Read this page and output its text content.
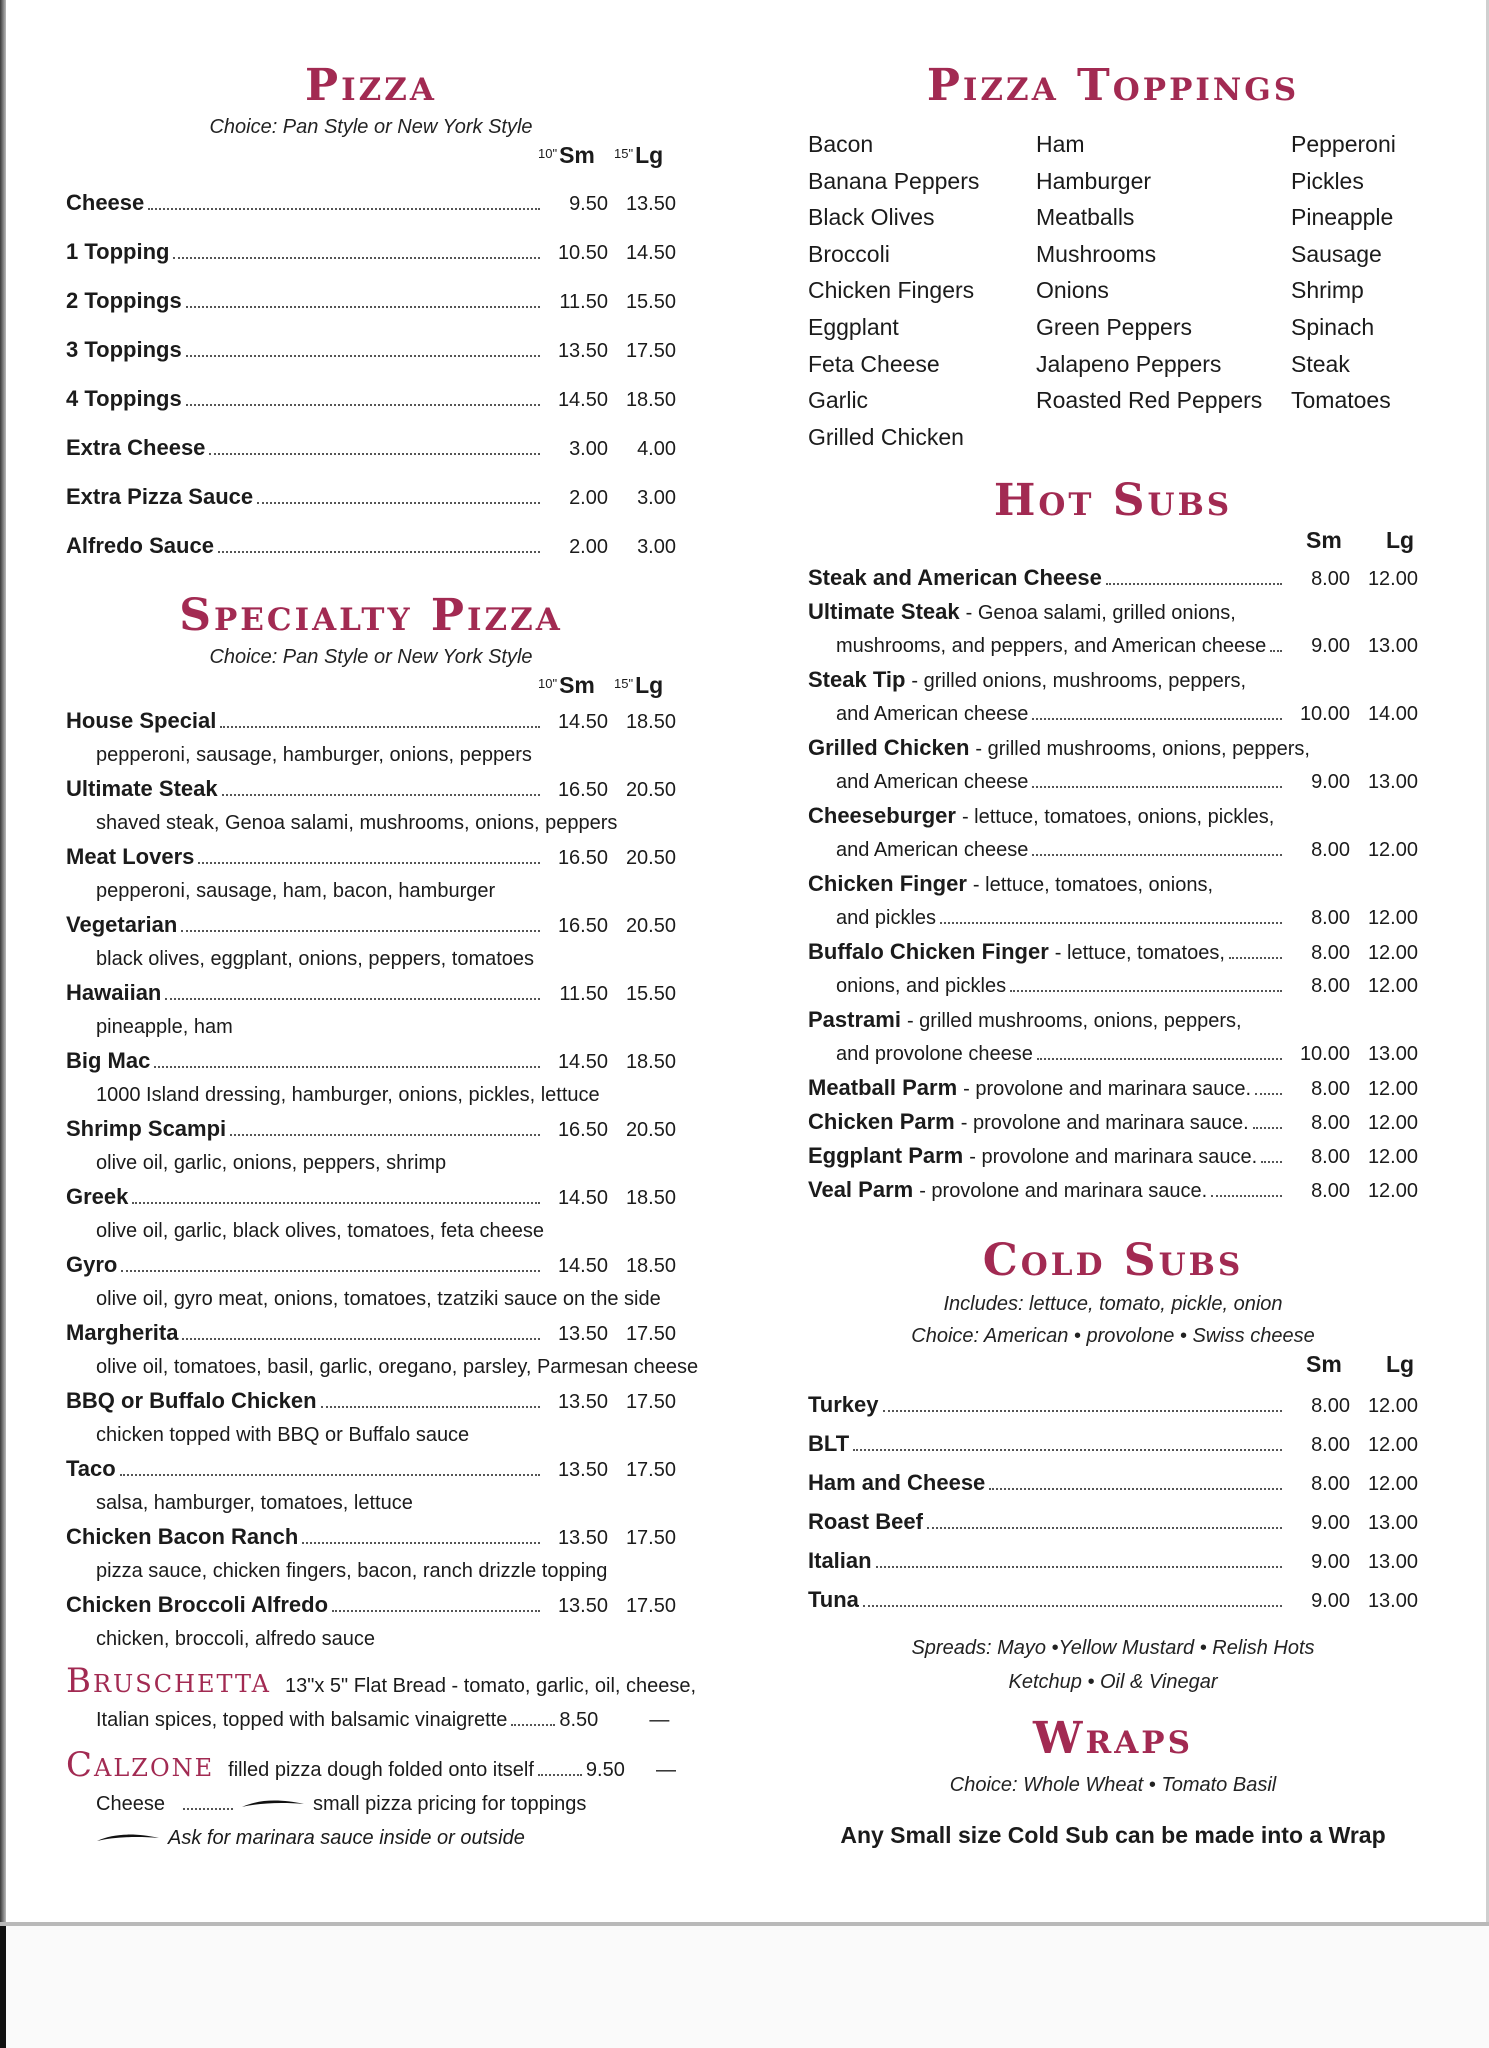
Pizza
Choice: Pan Style or New York Style
$^{10"}$Sm $^{15"}$Lg
Cheese	9.50 13.50
1 Topping	10.50 14.50
2 Toppings	11.50 15.50
3 Toppings	13.50 17.50
4 Toppings	14.50 18.50
Extra Cheese	3.00	4.00
Extra Pizza Sauce	2.00	3.00
Alfredo Sauce	2.00	3.00
Specialty Pizza
Choice: Pan Style or New York Style
$^{10"}$Sm $^{15"}$Lg
House Special	14.50 18.50
pepperoni, sausage, hamburger, onions, peppers
Ultimate Steak	16.50 20.50
shaved steak, Genoa salami, mushrooms, onions, peppers
Meat Lovers	16.50 20.50
pepperoni, sausage, ham, bacon, hamburger
Vegetarian	16.50 20.50
black olives, eggplant, onions, peppers, tomatoes
Hawaiian	11.50 15.50
pineapple, ham
Big Mac	14.50 18.50
1000 Island dressing, hamburger, onions, pickles, lettuce
Shrimp Scampi	16.50 20.50
olive oil, garlic, onions, peppers, shrimp
Greek	14.50 18.50
olive oil, garlic, black olives, tomatoes, feta cheese
Gyro	14.50 18.50
olive oil, gyro meat, onions, tomatoes, tzatziki sauce on the side
Margherita	13.50 17.50
olive oil, tomatoes, basil, garlic, oregano, parsley, Parmesan cheese
BBQ or Buffalo Chicken	13.50 17.50
chicken topped with BBQ or Buffalo sauce
Taco	13.50 17.50
salsa, hamburger, tomatoes, lettuce
Chicken Bacon Ranch	13.50 17.50
pizza sauce, chicken fingers, bacon, ranch drizzle topping
Chicken Broccoli Alfredo	13.50 17.50
chicken, broccoli, alfredo sauce
Bruschetta 13"x 5" Flat Bread - tomato, garlic, oil, cheese,
Italian spices, topped with balsamic vinaigrette	8.50	—
Calzone filled pizza dough folded onto itself	9.50	—
Cheese	small pizza pricing for toppings
Ask for marinara sauce inside or outside
Pizza Toppings
Bacon
Banana Peppers
Black Olives
Broccoli
Chicken Fingers
Eggplant
Feta Cheese
Garlic
Grilled Chicken
Ham
Hamburger
Meatballs
Mushrooms
Onions
Green Peppers
Jalapeno Peppers
Roasted Red Peppers
Pepperoni
Pickles
Pineapple
Sausage
Shrimp
Spinach
Steak
Tomatoes
Hot Subs
Sm Lg
Steak and American Cheese	8.00 12.00
Ultimate Steak - Genoa salami, grilled onions,
mushrooms, and peppers, and American cheese	9.00 13.00
Steak Tip - grilled onions, mushrooms, peppers,
and American cheese	10.00 14.00
Grilled Chicken - grilled mushrooms, onions, peppers,
and American cheese	9.00 13.00
Cheeseburger - lettuce, tomatoes, onions, pickles,
and American cheese	8.00 12.00
Chicken Finger - lettuce, tomatoes, onions,
and pickles	8.00 12.00
Buffalo Chicken Finger - lettuce, tomatoes,	8.00 12.00
onions, and pickles	8.00 12.00
Pastrami - grilled mushrooms, onions, peppers,
and provolone cheese	10.00 13.00
Meatball Parm - provolone and marinara sauce.	8.00 12.00
Chicken Parm - provolone and marinara sauce.	8.00 12.00
Eggplant Parm - provolone and marinara sauce.	8.00 12.00
Veal Parm - provolone and marinara sauce.	8.00 12.00
Cold Subs
Includes: lettuce, tomato, pickle, onion
Choice: American • provolone • Swiss cheese
Sm Lg
Turkey	8.00 12.00
BLT	8.00 12.00
Ham and Cheese	8.00 12.00
Roast Beef	9.00 13.00
Italian	9.00 13.00
Tuna	9.00 13.00
Spreads: Mayo •Yellow Mustard • Relish Hots
Ketchup • Oil & Vinegar
Wraps
Choice: Whole Wheat • Tomato Basil
Any Small size Cold Sub can be made into a Wrap
